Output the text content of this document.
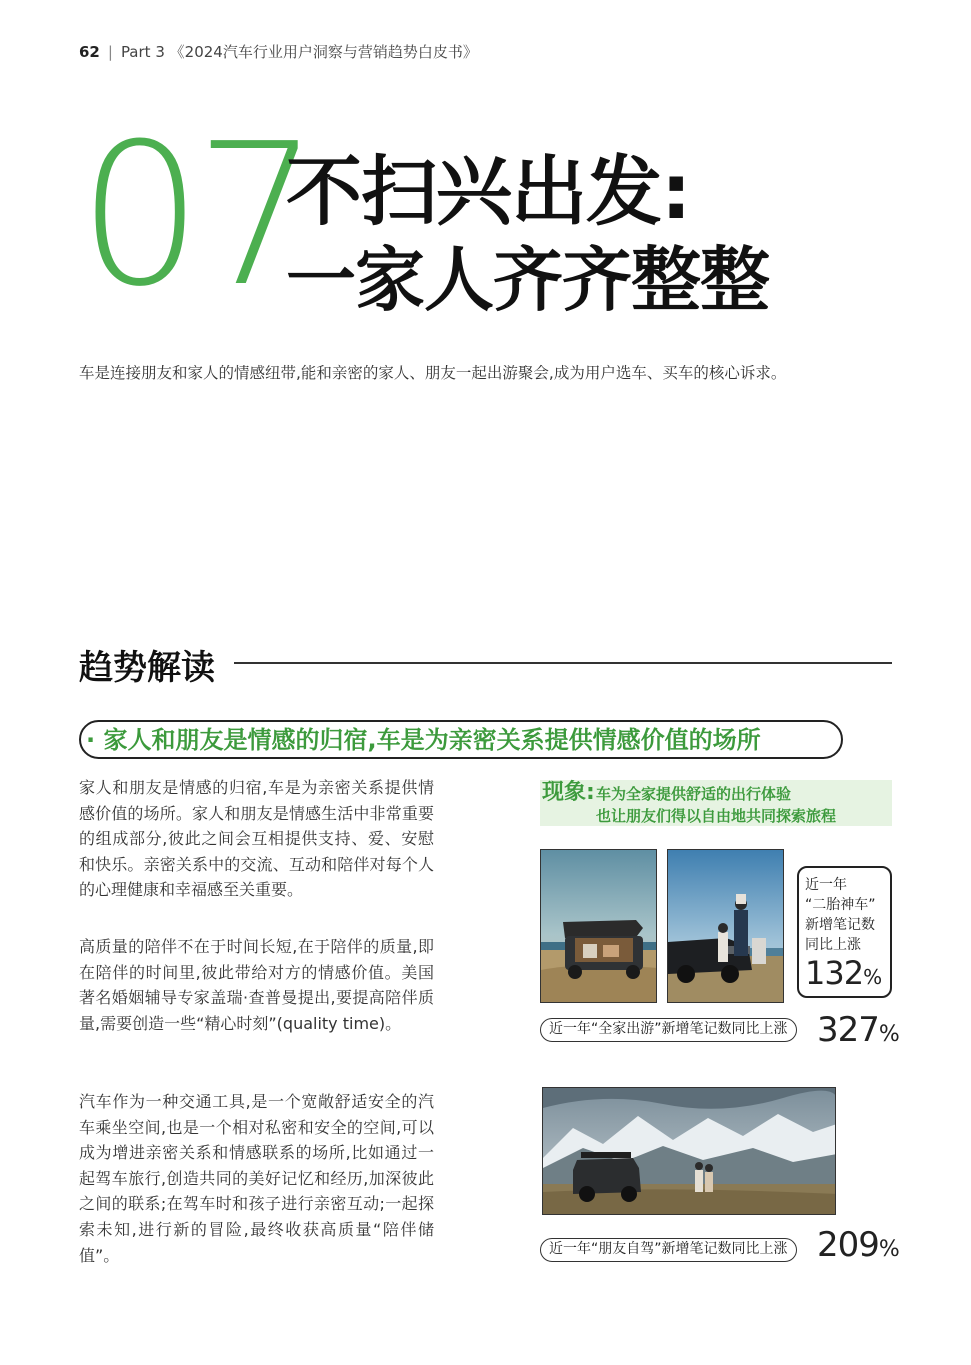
62 | Part 3 《2024汽车行业用户洞察与营销趋势白皮书》
07
不扫兴出发:
一家人齐齐整整
车是连接朋友和家人的情感纽带,能和亲密的家人、朋友一起出游聚会,成为用户选车、买车的核心诉求。
趋势解读
· 家人和朋友是情感的归宿,车是为亲密关系提供情感价值的场所

家人和朋友是情感的归宿,车是为亲密关系提供情感价值的场所。家人和朋友是情感生活中非常重要的组成部分,彼此之间会互相提供支持、爱、安慰和快乐。亲密关系中的交流、互动和陪伴对每个人的心理健康和幸福感至关重要。

高质量的陪伴不在于时间长短,在于陪伴的质量,即在陪伴的时间里,彼此带给对方的情感价值。美国著名婚姻辅导专家盖瑞·查普曼提出,要提高陪伴质量,需要创造一些“精心时刻”(quality time)。

汽车作为一种交通工具,是一个宽敞舒适安全的汽车乘坐空间,也是一个相对私密和安全的空间,可以成为增进亲密关系和情感联系的场所,比如通过一起驾车旅行,创造共同的美好记忆和经历,加深彼此之间的联系;在驾车时和孩子进行亲密互动;一起探索未知,进行新的冒险,最终收获高质量“陪伴储值”。

现象: 车为全家提供舒适的出行体验
也让朋友们得以自由地共同探索旅程
近一年
“二胎神车”
新增笔记数
同比上涨
132%
近一年“全家出游”新增笔记数同比上涨 327%
近一年“朋友自驾”新增笔记数同比上涨 209%
